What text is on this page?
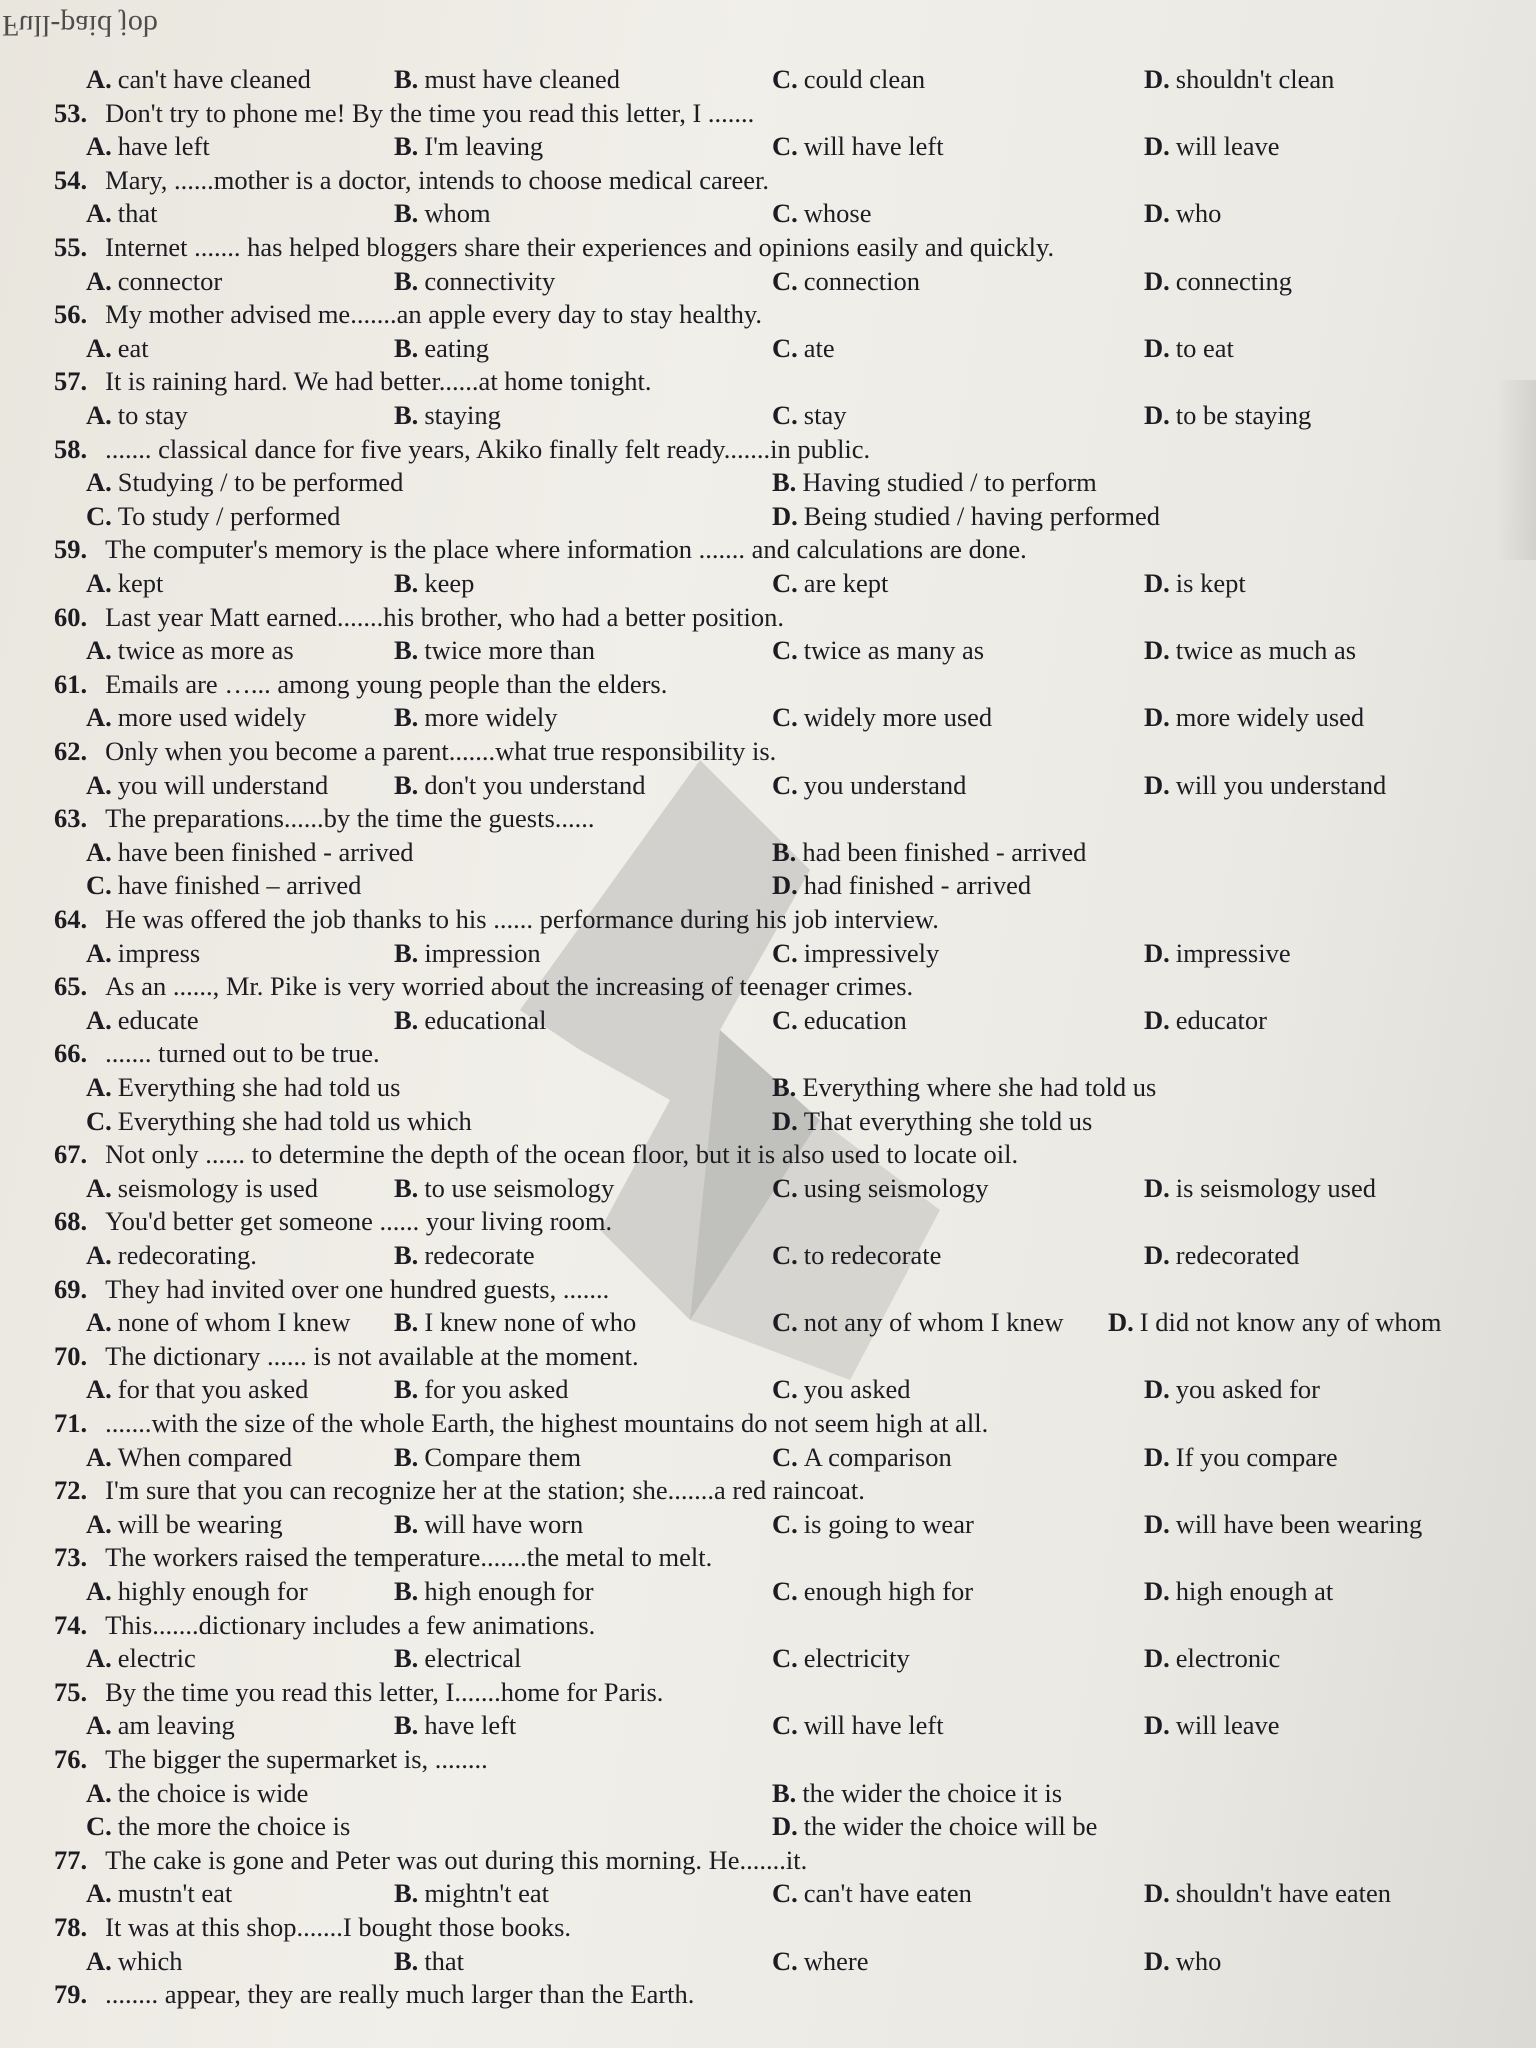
Full-paid job
A. can't have cleaned	B. must have cleaned	C. could clean	D. shouldn't clean
53. Don't try to phone me! By the time you read this letter, I .......
A. have left	B. I'm leaving	C. will have left	D. will leave
54. Mary, ......mother is a doctor, intends to choose medical career.
A. that	B. whom	C. whose	D. who
55. Internet ....... has helped bloggers share their experiences and opinions easily and quickly.
A. connector	B. connectivity	C. connection	D. connecting
56. My mother advised me.......an apple every day to stay healthy.
A. eat	B. eating	C. ate	D. to eat
57. It is raining hard. We had better......at home tonight.
A. to stay	B. staying	C. stay	D. to be staying
58. ....... classical dance for five years, Akiko finally felt ready.......in public.
A. Studying / to be performed	B. Having studied / to perform
C. To study / performed	D. Being studied / having performed
59. The computer's memory is the place where information ....... and calculations are done.
A. kept	B. keep	C. are kept	D. is kept
60. Last year Matt earned.......his brother, who had a better position.
A. twice as more as	B. twice more than	C. twice as many as	D. twice as much as
61. Emails are …... among young people than the elders.
A. more used widely	B. more widely	C. widely more used	D. more widely used
62. Only when you become a parent.......what true responsibility is.
A. you will understand B. don't you understand	C. you understand	D. will you understand
63. The preparations......by the time the guests......
A. have been finished - arrived	B. had been finished - arrived
C. have finished – arrived	D. had finished - arrived
64. He was offered the job thanks to his ...... performance during his job interview.
A. impress	B. impression	C. impressively	D. impressive
65. As an ......, Mr. Pike is very worried about the increasing of teenager crimes.
A. educate	B. educational	C. education	D. educator
66. ....... turned out to be true.
A. Everything she had told us	B. Everything where she had told us
C. Everything she had told us which	D. That everything she told us
67. Not only ...... to determine the depth of the ocean floor, but it is also used to locate oil.
A. seismology is used	B. to use seismology	C. using seismology	D. is seismology used
68. You'd better get someone ...... your living room.
A. redecorating.	B. redecorate	C. to redecorate	D. redecorated
69. They had invited over one hundred guests, .......
A. none of whom I knew B. I knew none of who	C. not any of whom I knew D. I did not know any of whom
70. The dictionary ...... is not available at the moment.
A. for that you asked	B. for you asked	C. you asked	D. you asked for
71. .......with the size of the whole Earth, the highest mountains do not seem high at all.
A. When compared	B. Compare them	C. A comparison	D. If you compare
72. I'm sure that you can recognize her at the station; she.......a red raincoat.
A. will be wearing	B. will have worn	C. is going to wear	D. will have been wearing
73. The workers raised the temperature.......the metal to melt.
A. highly enough for	B. high enough for	C. enough high for	D. high enough at
74. This.......dictionary includes a few animations.
A. electric	B. electrical	C. electricity	D. electronic
75. By the time you read this letter, I.......home for Paris.
A. am leaving	B. have left	C. will have left	D. will leave
76. The bigger the supermarket is, ........
A. the choice is wide	B. the wider the choice it is
C. the more the choice is	D. the wider the choice will be
77. The cake is gone and Peter was out during this morning. He.......it.
A. mustn't eat	B. mightn't eat	C. can't have eaten	D. shouldn't have eaten
78. It was at this shop.......I bought those books.
A. which	B. that	C. where	D. who
79. ........ appear, they are really much larger than the Earth.
